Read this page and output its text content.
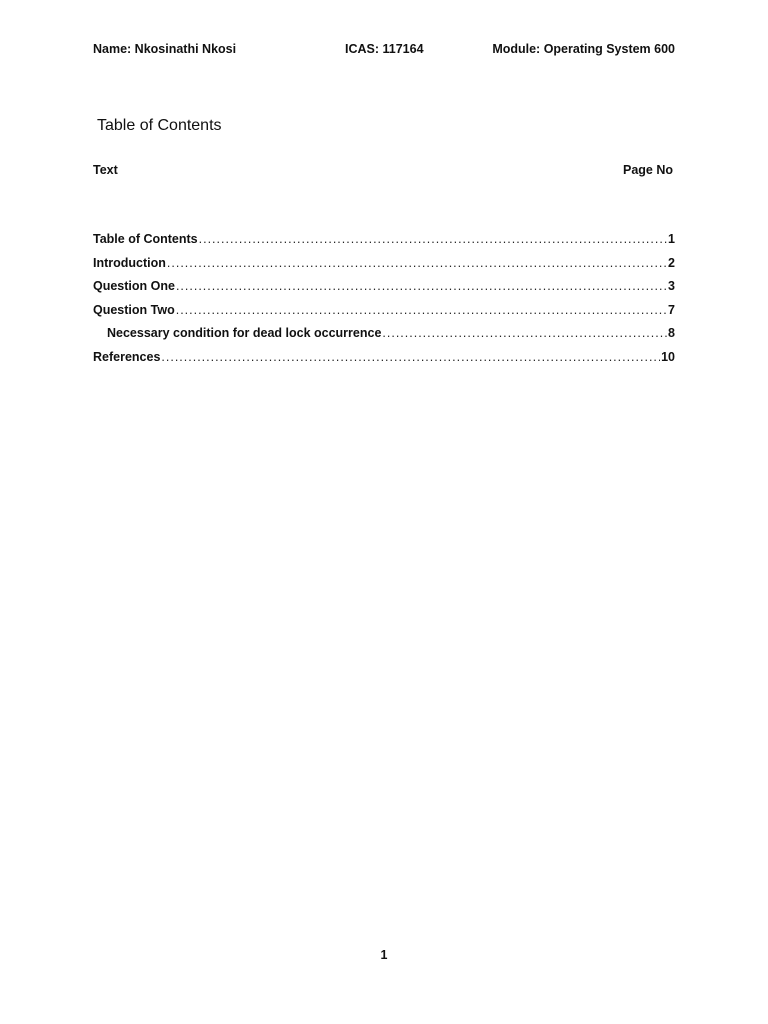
Name: Nkosinathi Nkosi	ICAS: 117164	Module: Operating System 600
Table of Contents
Text	Page No
Table of Contents .....	1
Introduction .....	2
Question One .....	3
Question Two .....	7
Necessary condition for dead lock occurrence .....	8
References .....	10
1
